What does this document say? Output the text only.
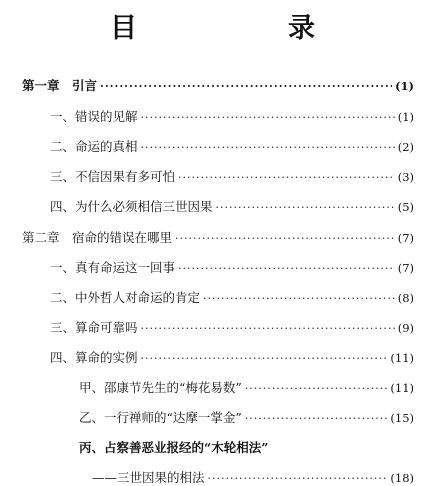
目　录
第一章　引言 ·····	(1)
一、错误的见解 ·····	(1)
二、命运的真相 ·····	(2)
三、不信因果有多可怕 ·····	(3)
四、为什么必须相信三世因果 ·····	(5)
第二章　宿命的错误在哪里 ·····	(7)
一、真有命运这一回事 ·····	(7)
二、中外哲人对命运的肯定 ·····	(8)
三、算命可靠吗 ·····	(9)
四、算命的实例 ·····	(11)
甲、邵康节先生的“梅花易数” ·····	(11)
乙、一行禅师的“达摩一掌金” ·····	(15)
丙、占察善恶业报经的“木轮相法”
——三世因果的相法 ·····	(18)
